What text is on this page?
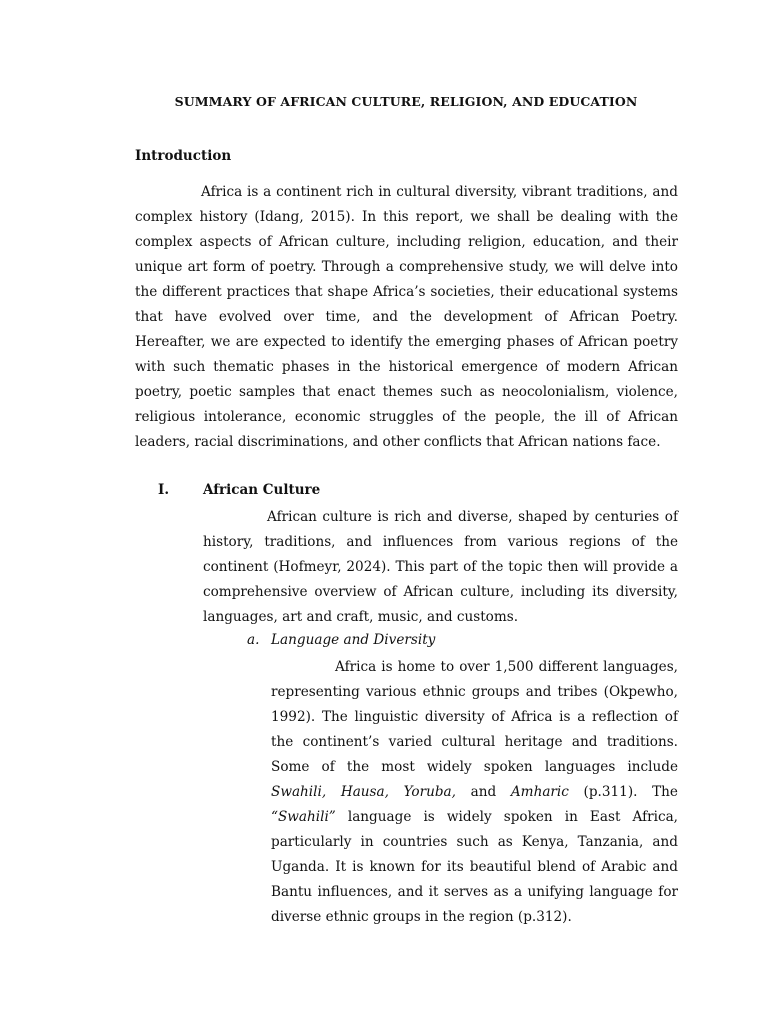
SUMMARY OF AFRICAN CULTURE, RELIGION, AND EDUCATION
Introduction

Africa is a continent rich in cultural diversity, vibrant traditions, and complex history (Idang, 2015). In this report, we shall be dealing with the complex aspects of African culture, including religion, education, and their unique art form of poetry. Through a comprehensive study, we will delve into the different practices that shape Africa’s societies, their educational systems that have evolved over time, and the development of African Poetry. Hereafter, we are expected to identify the emerging phases of African poetry with such thematic phases in the historical emergence of modern African poetry, poetic samples that enact themes such as neocolonialism, violence, religious intolerance, economic struggles of the people, the ill of African leaders, racial discriminations, and other conflicts that African nations face.

I.	African Culture

African culture is rich and diverse, shaped by centuries of history, traditions, and influences from various regions of the continent (Hofmeyr, 2024). This part of the topic then will provide a comprehensive overview of African culture, including its diversity, languages, art and craft, music, and customs.

a. Language and Diversity

Africa is home to over 1,500 different languages, representing various ethnic groups and tribes (Okpewho, 1992). The linguistic diversity of Africa is a reflection of the continent’s varied cultural heritage and traditions. Some of the most widely spoken languages include Swahili, Hausa, Yoruba, and Amharic (p.311). The “Swahili” language is widely spoken in East Africa, particularly in countries such as Kenya, Tanzania, and Uganda. It is known for its beautiful blend of Arabic and Bantu influences, and it serves as a unifying language for diverse ethnic groups in the region (p.312).
